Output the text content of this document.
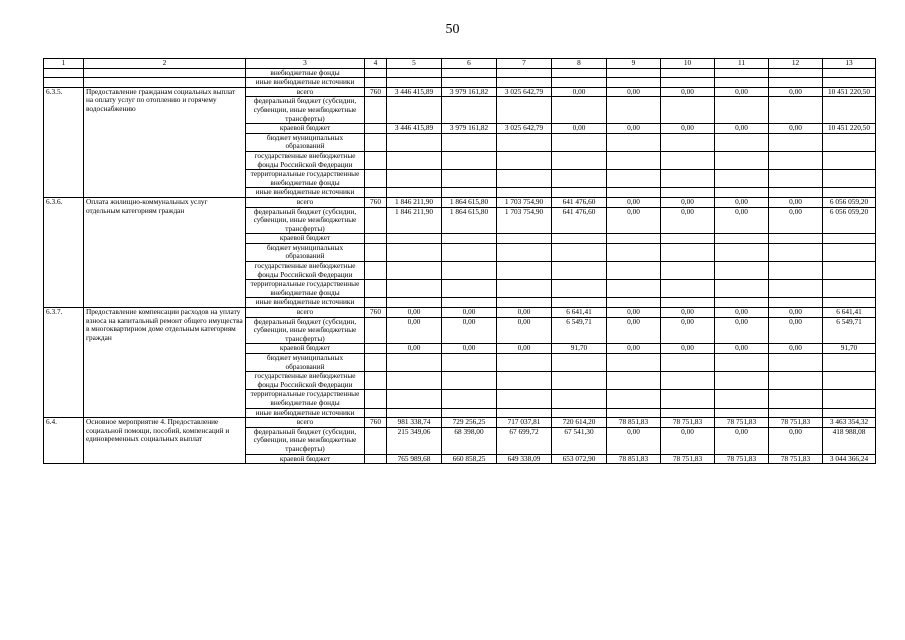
50
1	2	3	4	5	6	7	8	9	10	11	12	13
		внебюджетные фонды										
		иные внебюджетные источники										
6.3.5.	Предоставление гражданам социальных выплат на оплату услуг по отоплению и горячему водоснабжению	всего	760	3 446 415,89	3 979 161,82	3 025 642,79	0,00	0,00	0,00	0,00	0,00	10 451 220,50
		федеральный бюджет (субсидии, субвенции, иные межбюджетные трансферты)										
		краевой бюджет		3 446 415,89	3 979 161,82	3 025 642,79	0,00	0,00	0,00	0,00	0,00	10 451 220,50
		бюджет муниципальных образований										
		государственные внебюджетные фонды Российской Федерации										
		территориальные государственные внебюджетные фонды										
		иные внебюджетные источники										
6.3.6.	Оплата жилищно-коммунальных услуг отдельным категориям граждан	всего	760	1 846 211,90	1 864 615,80	1 703 754,90	641 476,60	0,00	0,00	0,00	0,00	6 056 059,20
		федеральный бюджет (субсидии, субвенции, иные межбюджетные трансферты)		1 846 211,90	1 864 615,80	1 703 754,90	641 476,60	0,00	0,00	0,00	0,00	6 056 059,20
		краевой бюджет										
		бюджет муниципальных образований										
		государственные внебюджетные фонды Российской Федерации										
		территориальные государственные внебюджетные фонды										
		иные внебюджетные источники										
6.3.7.	Предоставление компенсации расходов на уплату взноса на капитальный ремонт общего имущества в многоквартирном доме отдельным категориям граждан	всего	760	0,00	0,00	0,00	6 641,41	0,00	0,00	0,00	0,00	6 641,41
		федеральный бюджет (субсидии, субвенции, иные межбюджетные трансферты)		0,00	0,00	0,00	6 549,71	0,00	0,00	0,00	0,00	6 549,71
		краевой бюджет		0,00	0,00	0,00	91,70	0,00	0,00	0,00	0,00	91,70
		бюджет муниципальных образований										
		государственные внебюджетные фонды Российской Федерации										
		территориальные государственные внебюджетные фонды										
		иные внебюджетные источники										
6.4.	Основное мероприятие 4. Предоставление социальной помощи, пособий, компенсаций и единовременных социальных выплат	всего	760	981 338,74	729 256,25	717 037,81	720 614,20	78 851,83	78 751,83	78 751,83	78 751,83	3 463 354,32
		федеральный бюджет (субсидии, субвенции, иные межбюджетные трансферты)		215 349,06	68 398,00	67 699,72	67 541,30	0,00	0,00	0,00	0,00	418 988,08
		краевой бюджет		765 989,68	660 858,25	649 338,09	653 072,90	78 851,83	78 751,83	78 751,83	78 751,83	3 044 366,24
